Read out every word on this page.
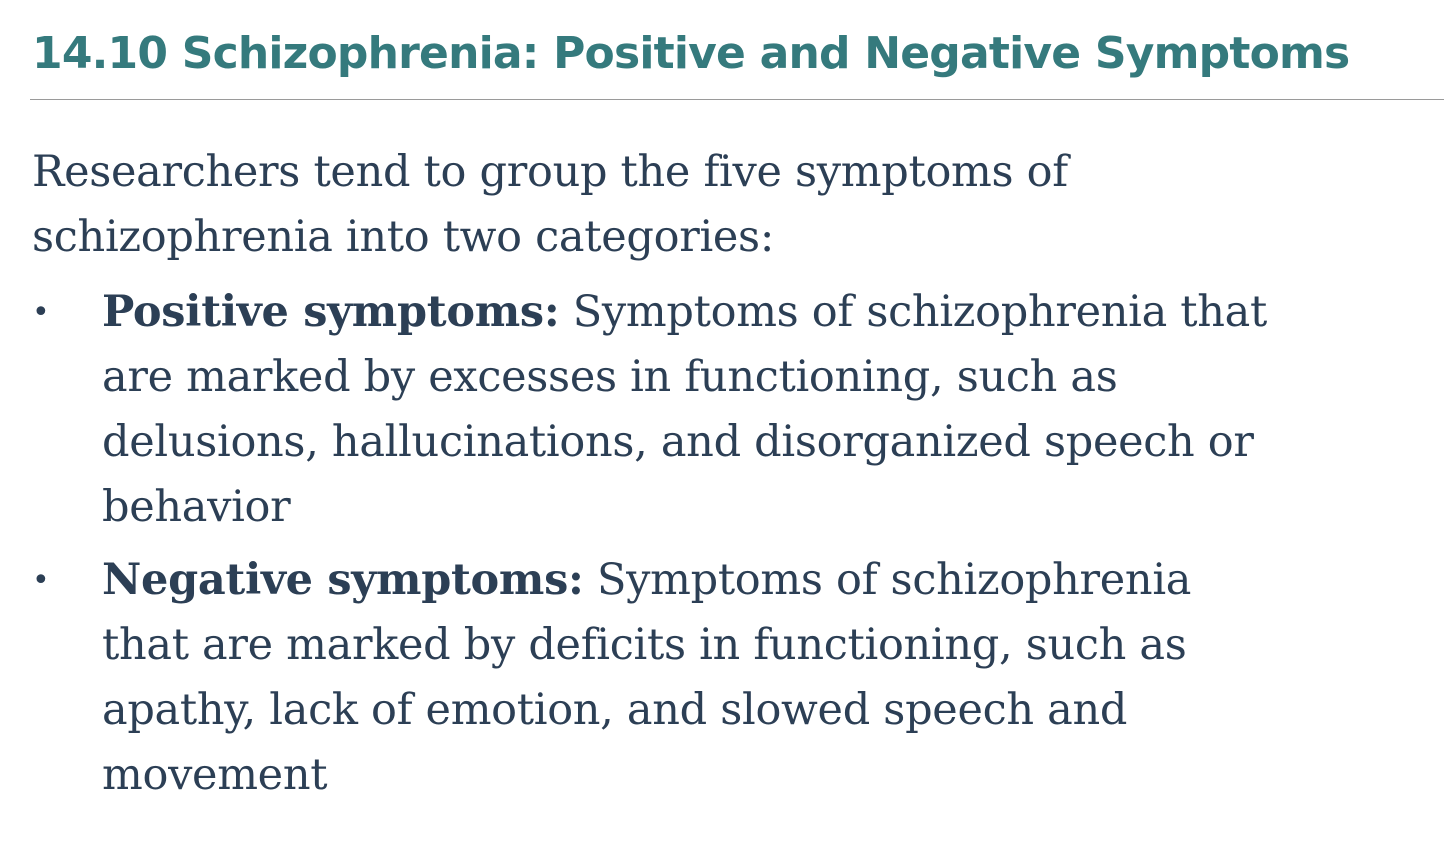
14.10 Schizophrenia: Positive and Negative Symptoms

Researchers tend to group the five symptoms of schizophrenia into two categories:

• Positive symptoms: Symptoms of schizophrenia that are marked by excesses in functioning, such as delusions, hallucinations, and disorganized speech or behavior
• Negative symptoms: Symptoms of schizophrenia that are marked by deficits in functioning, such as apathy, lack of emotion, and slowed speech and movement
